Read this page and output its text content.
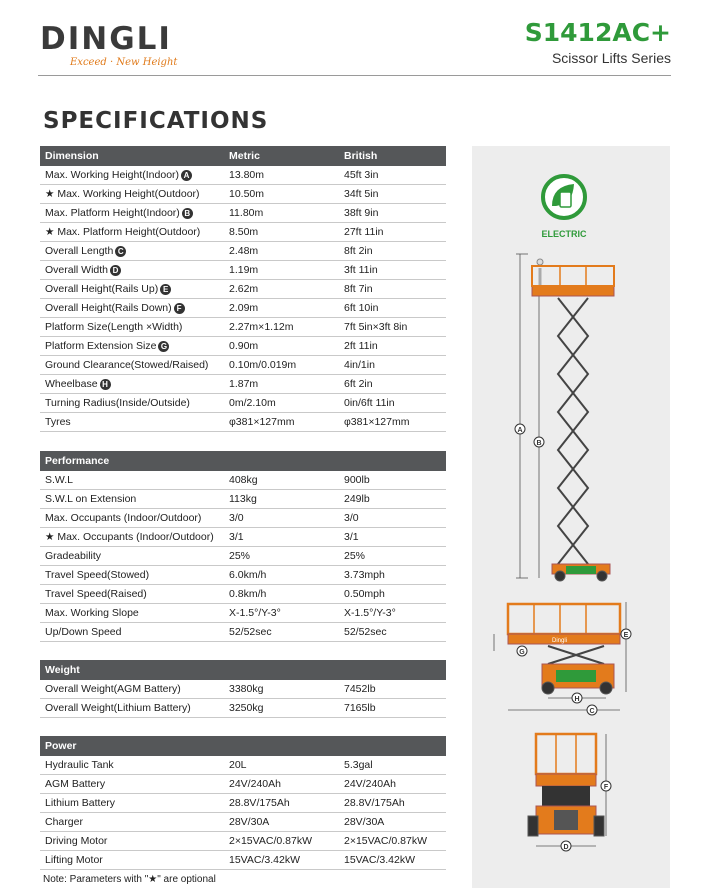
DINGLI
Exceed · New Height
S1412AC+
Scissor Lifts Series
SPECIFICATIONS
Dimension	Metric	British
Max. Working Height(Indoor) A	13.80m	45ft 3in
★ Max. Working Height(Outdoor)	10.50m	34ft 5in
Max. Platform Height(Indoor) B	11.80m	38ft 9in
★ Max. Platform Height(Outdoor)	8.50m	27ft 11in
Overall Length C	2.48m	8ft 2in
Overall Width D	1.19m	3ft 11in
Overall Height(Rails Up) E	2.62m	8ft 7in
Overall Height(Rails Down) F	2.09m	6ft 10in
Platform Size(Length ×Width)	2.27m×1.12m	7ft 5in×3ft 8in
Platform Extension Size G	0.90m	2ft 11in
Ground Clearance(Stowed/Raised) 0.10m/0.019m	4in/1in
Wheelbase H	1.87m	6ft 2in
Turning Radius(Inside/Outside)	0m/2.10m	0in/6ft 11in
Tyres	φ381×127mm	φ381×127mm
Performance
S.W.L	408kg	900lb
S.W.L on Extension	113kg	249lb
Max. Occupants (Indoor/Outdoor)	3/0	3/0
★ Max. Occupants (Indoor/Outdoor) 3/1	3/1
Gradeability	25%	25%
Travel Speed(Stowed)	6.0km/h	3.73mph
Travel Speed(Raised)	0.8km/h	0.50mph
Max. Working Slope	X-1.5°/Y-3°	X-1.5°/Y-3°
Up/Down Speed	52/52sec	52/52sec
Weight
Overall Weight(AGM Battery)	3380kg	7452lb
Overall Weight(Lithium Battery)	3250kg	7165lb
Power
Hydraulic Tank	20L	5.3gal
AGM Battery	24V/240Ah	24V/240Ah
Lithium Battery	28.8V/175Ah	28.8V/175Ah
Charger	28V/30A	28V/30A
Driving Motor	2×15VAC/0.87kW	2×15VAC/0.87kW
Lifting Motor	15VAC/3.42kW	15VAC/3.42kW
Note: Parameters with "★" are optional
ELECTRIC
A
B
Dingli
G
E
H
C
F
D
